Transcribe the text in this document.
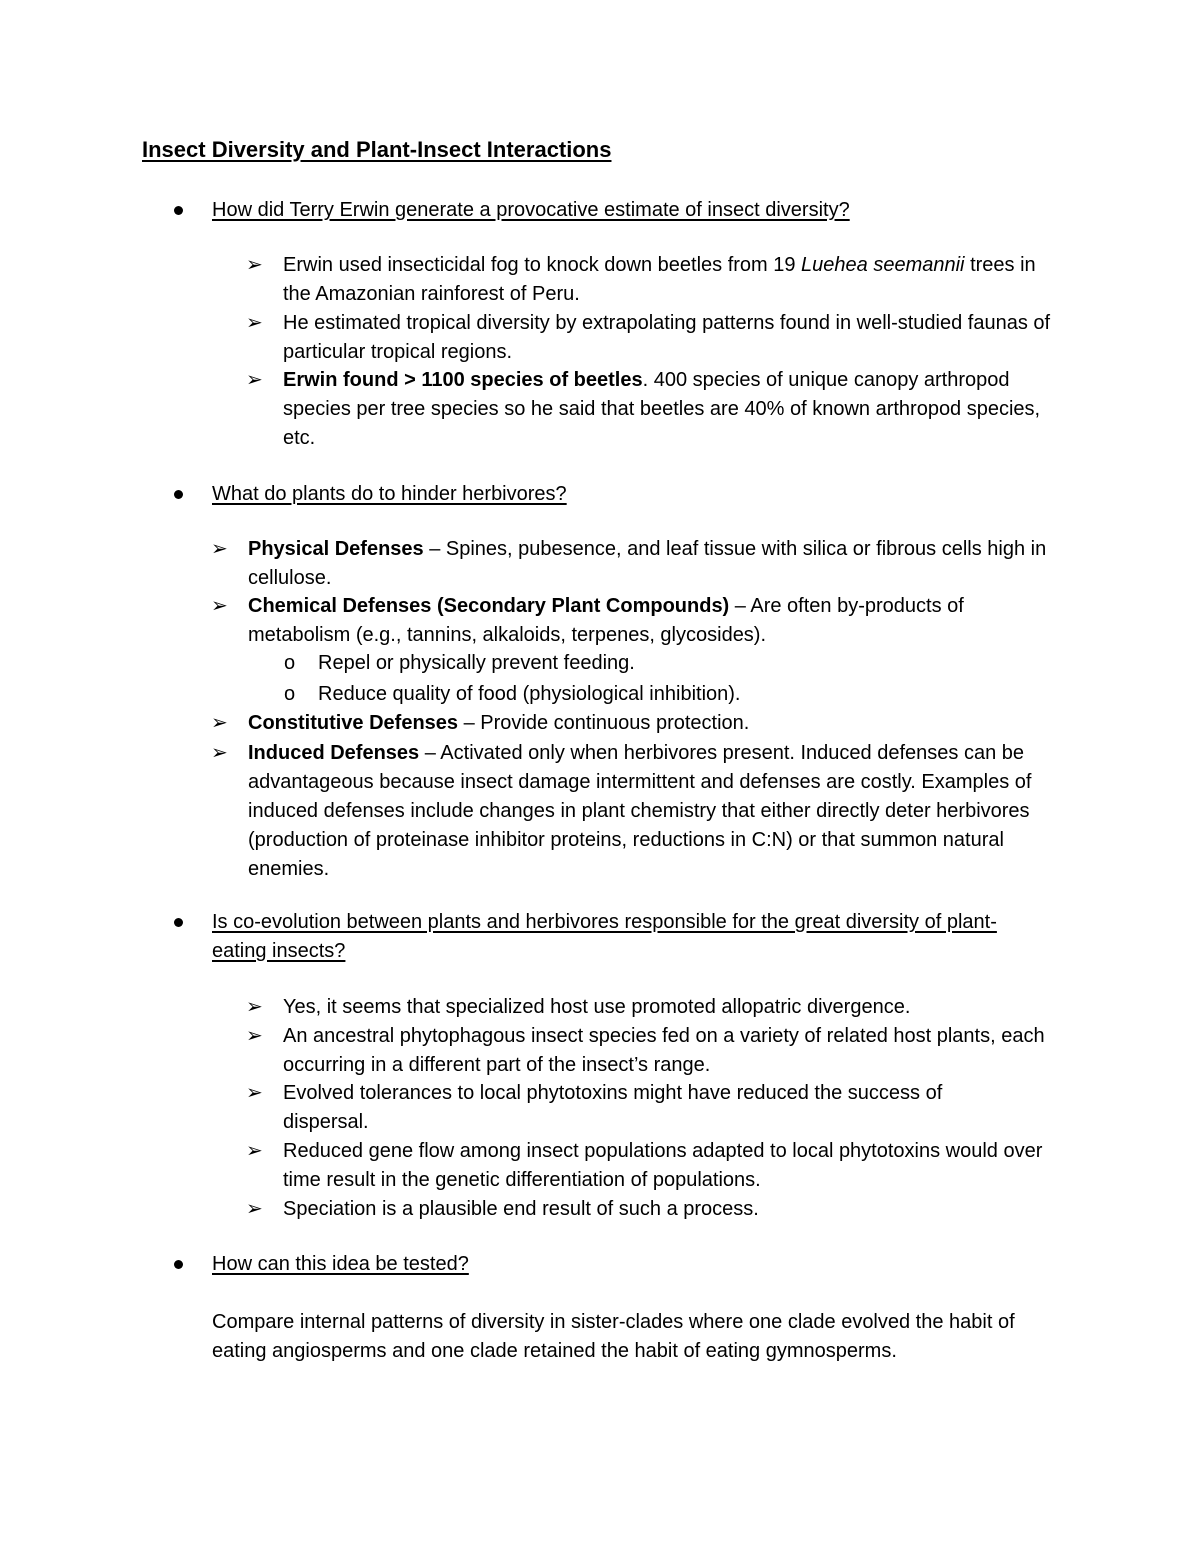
Insect Diversity and Plant-Insect Interactions
How did Terry Erwin generate a provocative estimate of insect diversity?
➢ Erwin used insecticidal fog to knock down beetles from 19 Luehea seemannii trees in the Amazonian rainforest of Peru.
➢ He estimated tropical diversity by extrapolating patterns found in well-studied faunas of particular tropical regions.
➢ Erwin found > 1100 species of beetles. 400 species of unique canopy arthropod species per tree species so he said that beetles are 40% of known arthropod species, etc.
What do plants do to hinder herbivores?
➢ Physical Defenses – Spines, pubesence, and leaf tissue with silica or fibrous cells high in cellulose.
➢ Chemical Defenses (Secondary Plant Compounds) – Are often by-products of metabolism (e.g., tannins, alkaloids, terpenes, glycosides).
o Repel or physically prevent feeding.
o Reduce quality of food (physiological inhibition).
➢ Constitutive Defenses – Provide continuous protection.
➢ Induced Defenses – Activated only when herbivores present. Induced defenses can be advantageous because insect damage intermittent and defenses are costly. Examples of induced defenses include changes in plant chemistry that either directly deter herbivores (production of proteinase inhibitor proteins, reductions in C:N) or that summon natural enemies.
Is co-evolution between plants and herbivores responsible for the great diversity of plant-eating insects?
➢ Yes, it seems that specialized host use promoted allopatric divergence.
➢ An ancestral phytophagous insect species fed on a variety of related host plants, each occurring in a different part of the insect’s range.
➢ Evolved tolerances to local phytotoxins might have reduced the success of dispersal.
➢ Reduced gene flow among insect populations adapted to local phytotoxins would over time result in the genetic differentiation of populations.
➢ Speciation is a plausible end result of such a process.
How can this idea be tested?
Compare internal patterns of diversity in sister-clades where one clade evolved the habit of eating angiosperms and one clade retained the habit of eating gymnosperms.
